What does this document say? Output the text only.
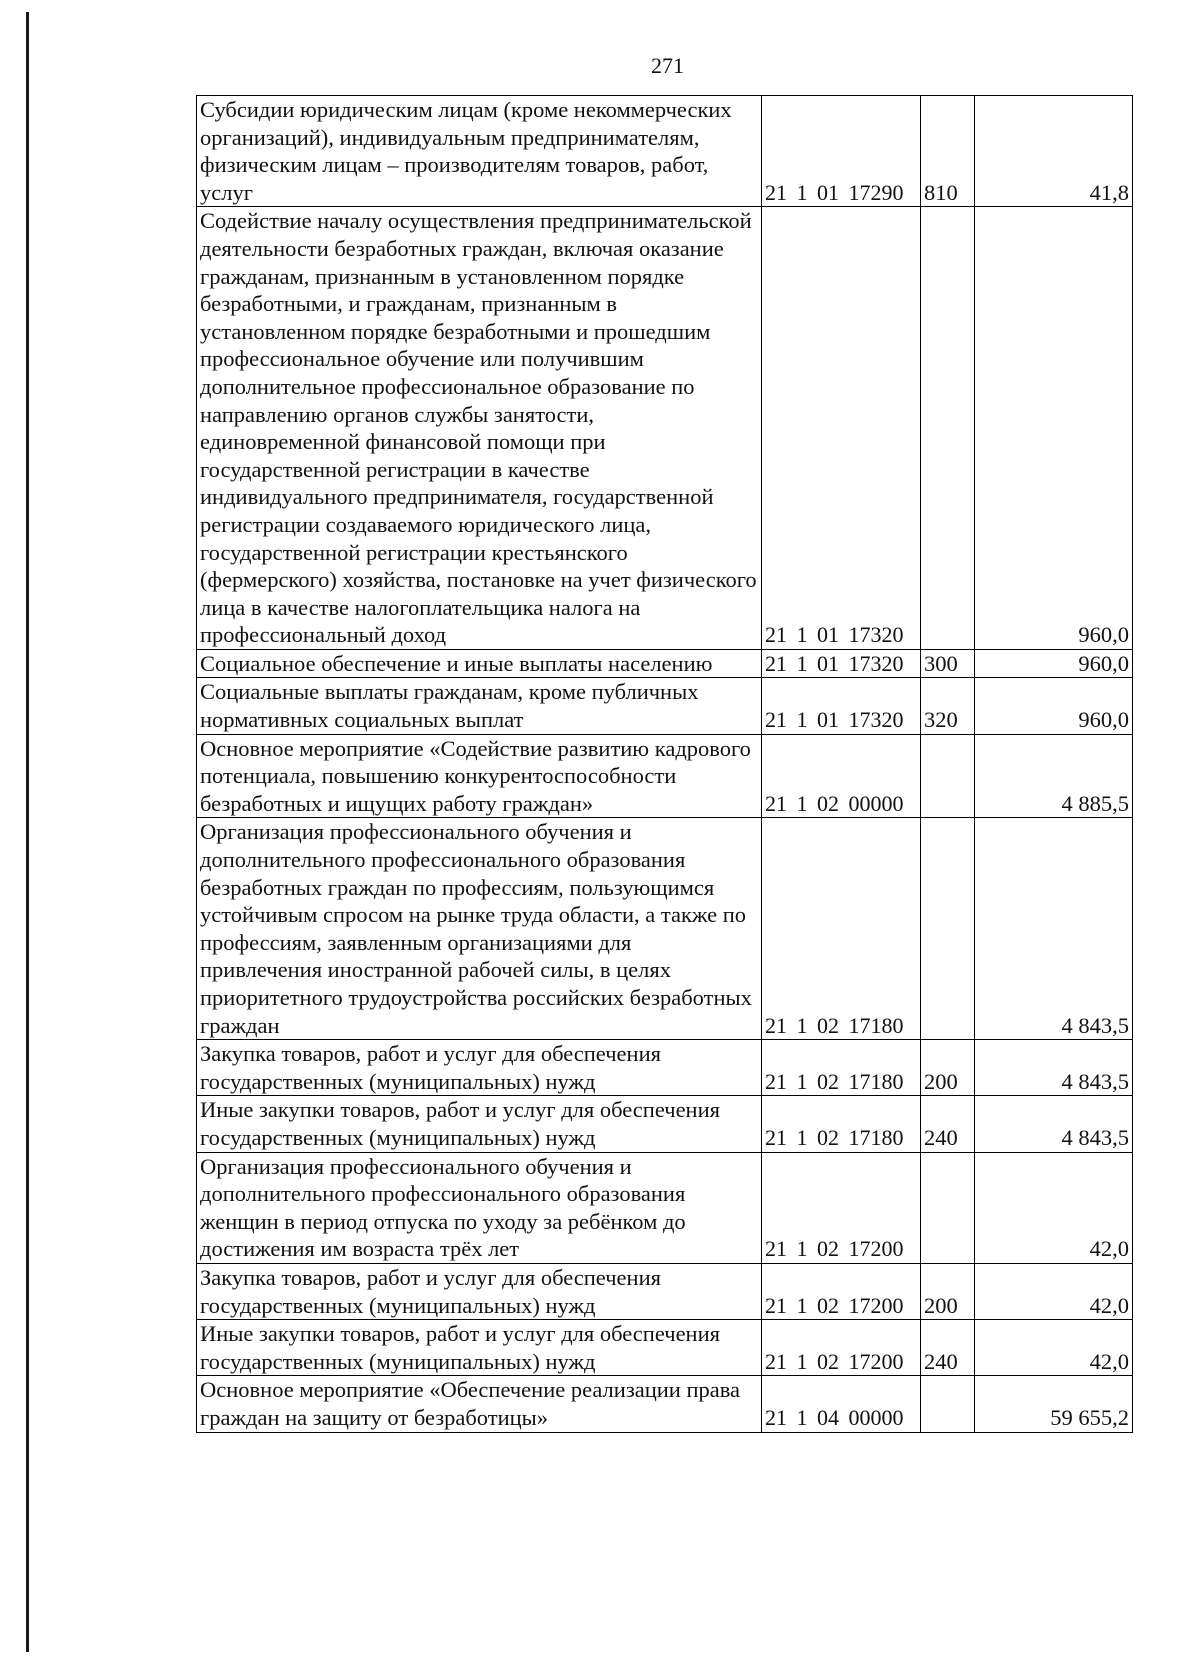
271
Субсидии юридическим лицам (кроме некоммерческих организаций), индивидуальным предпринимателям, физическим лицам – производителям товаров, работ, услуг	21 1 01 17290	810	41,8
Содействие началу осуществления предпринимательской деятельности безработных граждан, включая оказание гражданам, признанным в установленном порядке безработными, и гражданам, признанным в установленном порядке безработными и прошедшим профессиональное обучение или получившим дополнительное профессиональное образование по направлению органов службы занятости, единовременной финансовой помощи при государственной регистрации в качестве индивидуального предпринимателя, государственной регистрации создаваемого юридического лица, государственной регистрации крестьянского (фермерского) хозяйства, постановке на учет физического лица в качестве налогоплательщика налога на профессиональный доход	21 1 01 17320		960,0
Социальное обеспечение и иные выплаты населению	21 1 01 17320	300	960,0
Социальные выплаты гражданам, кроме публичных нормативных социальных выплат	21 1 01 17320	320	960,0
Основное мероприятие «Содействие развитию кадрового потенциала, повышению конкурентоспособности безработных и ищущих работу граждан»	21 1 02 00000		4 885,5
Организация профессионального обучения и дополнительного профессионального образования безработных граждан по профессиям, пользующимся устойчивым спросом на рынке труда области, а также по профессиям, заявленным организациями для привлечения иностранной рабочей силы, в целях приоритетного трудоустройства российских безработных граждан	21 1 02 17180		4 843,5
Закупка товаров, работ и услуг для обеспечения государственных (муниципальных) нужд	21 1 02 17180	200	4 843,5
Иные закупки товаров, работ и услуг для обеспечения государственных (муниципальных) нужд	21 1 02 17180	240	4 843,5
Организация профессионального обучения и дополнительного профессионального образования женщин в период отпуска по уходу за ребёнком до достижения им возраста трёх лет	21 1 02 17200		42,0
Закупка товаров, работ и услуг для обеспечения государственных (муниципальных) нужд	21 1 02 17200	200	42,0
Иные закупки товаров, работ и услуг для обеспечения государственных (муниципальных) нужд	21 1 02 17200	240	42,0
Основное мероприятие «Обеспечение реализации права граждан на защиту от безработицы»	21 1 04 00000		59 655,2
